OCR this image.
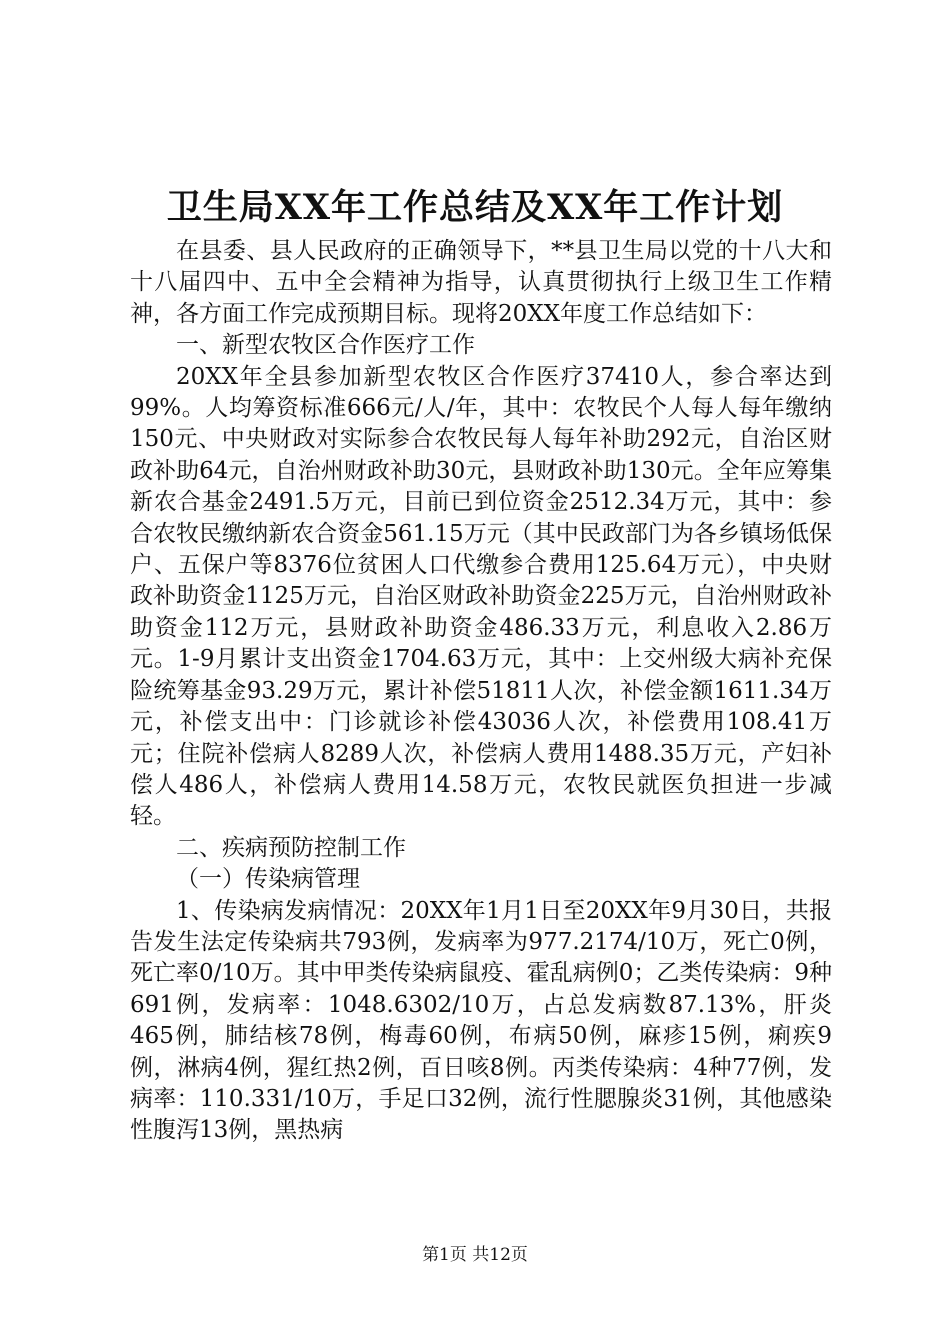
卫生局XX年工作总结及XX年工作计划

在县委、县人民政府的正确领导下，**县卫生局以党的十八大和十八届四中、五中全会精神为指导，认真贯彻执行上级卫生工作精神，各方面工作完成预期目标。现将20XX年度工作总结如下：

一、新型农牧区合作医疗工作

20XX年全县参加新型农牧区合作医疗37410人，参合率达到99%。人均筹资标准666元/人/年，其中：农牧民个人每人每年缴纳150元、中央财政对实际参合农牧民每人每年补助292元，自治区财政补助64元，自治州财政补助30元，县财政补助130元。全年应筹集新农合基金2491.5万元，目前已到位资金2512.34万元，其中：参合农牧民缴纳新农合资金561.15万元（其中民政部门为各乡镇场低保户、五保户等8376位贫困人口代缴参合费用125.64万元），中央财政补助资金1125万元，自治区财政补助资金225万元，自治州财政补助资金112万元，县财政补助资金486.33万元，利息收入2.86万元。1-9月累计支出资金1704.63万元，其中：上交州级大病补充保险统筹基金93.29万元，累计补偿51811人次，补偿金额1611.34万元，补偿支出中：门诊就诊补偿43036人次，补偿费用108.41万元；住院补偿病人8289人次，补偿病人费用1488.35万元，产妇补偿人486人，补偿病人费用14.58万元，农牧民就医负担进一步减轻。

二、疾病预防控制工作

（一）传染病管理

1、传染病发病情况：20XX年1月1日至20XX年9月30日，共报告发生法定传染病共793例，发病率为977.2174/10万，死亡0例，死亡率0/10万。其中甲类传染病鼠疫、霍乱病例0；乙类传染病：9种691例，发病率：1048.6302/10万，占总发病数87.13%，肝炎465例，肺结核78例，梅毒60例，布病50例，麻疹15例，痢疾9例，淋病4例，猩红热2例，百日咳8例。丙类传染病：4种77例，发病率：110.331/10万，手足口32例，流行性腮腺炎31例，其他感染性腹泻13例，黑热病

第1页 共12页
